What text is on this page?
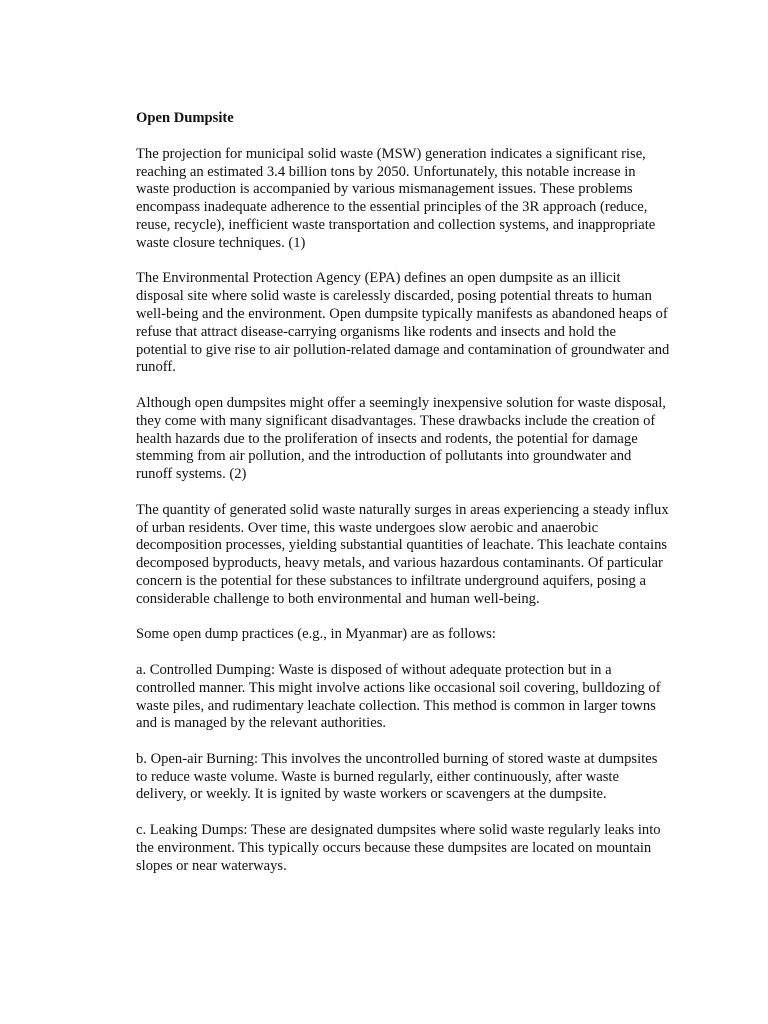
Open Dumpsite

The projection for municipal solid waste (MSW) generation indicates a significant rise, reaching an estimated 3.4 billion tons by 2050. Unfortunately, this notable increase in waste production is accompanied by various mismanagement issues. These problems encompass inadequate adherence to the essential principles of the 3R approach (reduce, reuse, recycle), inefficient waste transportation and collection systems, and inappropriate waste closure techniques. (1)

The Environmental Protection Agency (EPA) defines an open dumpsite as an illicit disposal site where solid waste is carelessly discarded, posing potential threats to human well-being and the environment. Open dumpsite typically manifests as abandoned heaps of refuse that attract disease-carrying organisms like rodents and insects and hold the potential to give rise to air pollution-related damage and contamination of groundwater and runoff.

Although open dumpsites might offer a seemingly inexpensive solution for waste disposal, they come with many significant disadvantages. These drawbacks include the creation of health hazards due to the proliferation of insects and rodents, the potential for damage stemming from air pollution, and the introduction of pollutants into groundwater and runoff systems. (2)

The quantity of generated solid waste naturally surges in areas experiencing a steady influx of urban residents. Over time, this waste undergoes slow aerobic and anaerobic decomposition processes, yielding substantial quantities of leachate. This leachate contains decomposed byproducts, heavy metals, and various hazardous contaminants. Of particular concern is the potential for these substances to infiltrate underground aquifers, posing a considerable challenge to both environmental and human well-being.

Some open dump practices (e.g., in Myanmar) are as follows:

a. Controlled Dumping: Waste is disposed of without adequate protection but in a controlled manner. This might involve actions like occasional soil covering, bulldozing of waste piles, and rudimentary leachate collection. This method is common in larger towns and is managed by the relevant authorities.

b. Open-air Burning: This involves the uncontrolled burning of stored waste at dumpsites to reduce waste volume. Waste is burned regularly, either continuously, after waste delivery, or weekly. It is ignited by waste workers or scavengers at the dumpsite.

c. Leaking Dumps: These are designated dumpsites where solid waste regularly leaks into the environment. This typically occurs because these dumpsites are located on mountain slopes or near waterways.
